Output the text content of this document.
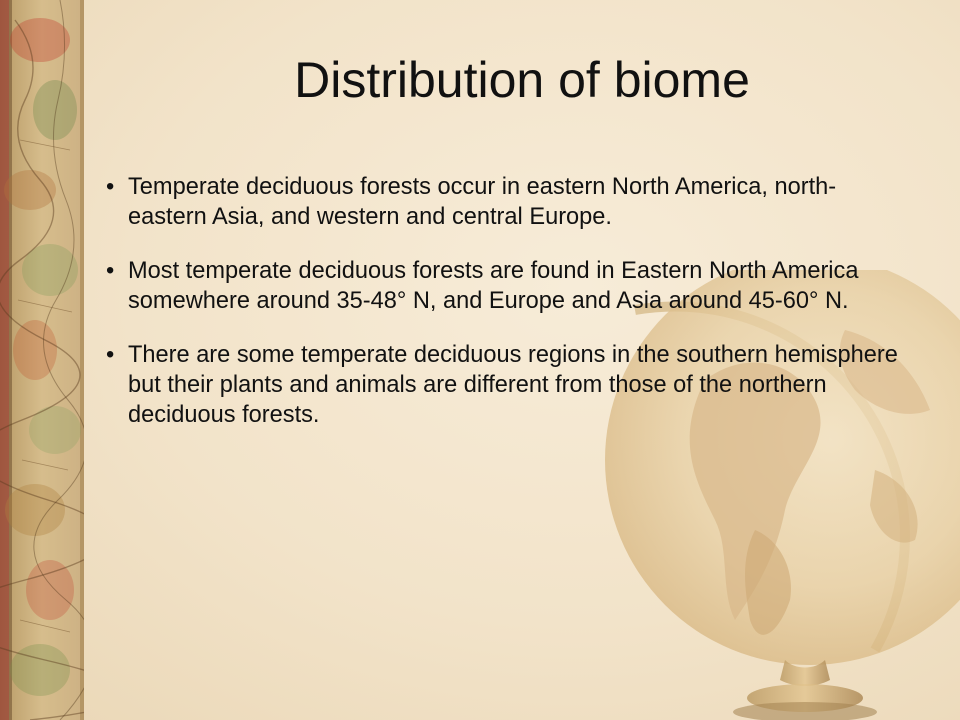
Distribution of biome
• Temperate deciduous forests occur in eastern North America, north-eastern Asia, and western and central Europe.
• Most temperate deciduous forests are found in Eastern North America somewhere around 35-48° N, and Europe and Asia around 45-60° N.
• There are some temperate deciduous regions in the southern hemisphere but their plants and animals are different from those of the northern deciduous forests.
